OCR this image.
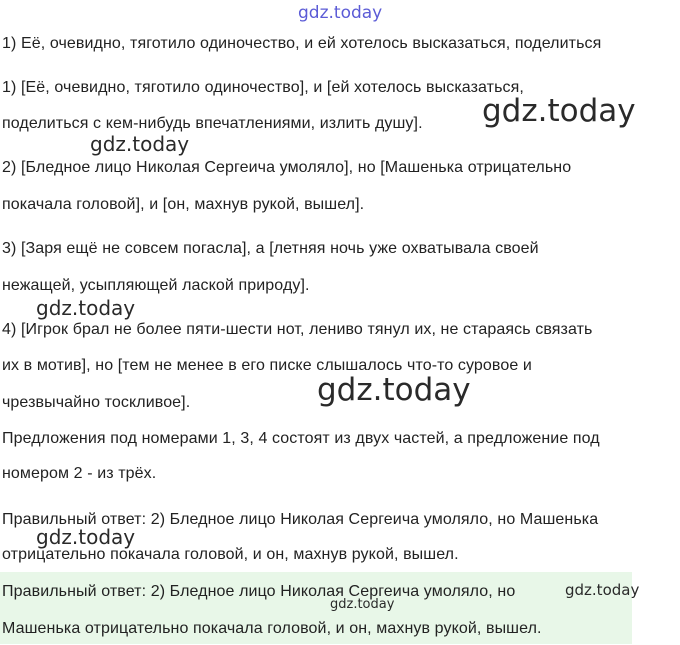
gdz.today
1) Её, очевидно, тяготило одиночество, и ей хотелось высказаться, поделиться
1) [Её, очевидно, тяготило одиночество], и [ей хотелось высказаться,
поделиться с кем-нибудь впечатлениями, излить душу].
2) [Бледное лицо Николая Сергеича умоляло], но [Машенька отрицательно
покачала головой], и [он, махнув рукой, вышел].
3) [Заря ещё не совсем погасла], а [летняя ночь уже охватывала своей
нежащей, усыпляющей лаской природу].
4) [Игрок брал не более пяти-шести нот, лениво тянул их, не стараясь связать
их в мотив], но [тем не менее в его писке слышалось что-то суровое и
чрезвычайно тоскливое].
Предложения под номерами 1, 3, 4 состоят из двух частей, а предложение под
номером 2 - из трёх.
Правильный ответ: 2) Бледное лицо Николая Сергеича умоляло, но Машенька
отрицательно покачала головой, и он, махнув рукой, вышел.
Правильный ответ: 2) Бледное лицо Николая Сергеича умоляло, но
Машенька отрицательно покачала головой, и он, махнув рукой, вышел.
gdz.today
gdz.today
gdz.today
gdz.today
gdz.today
gdz.today
gdz.today
